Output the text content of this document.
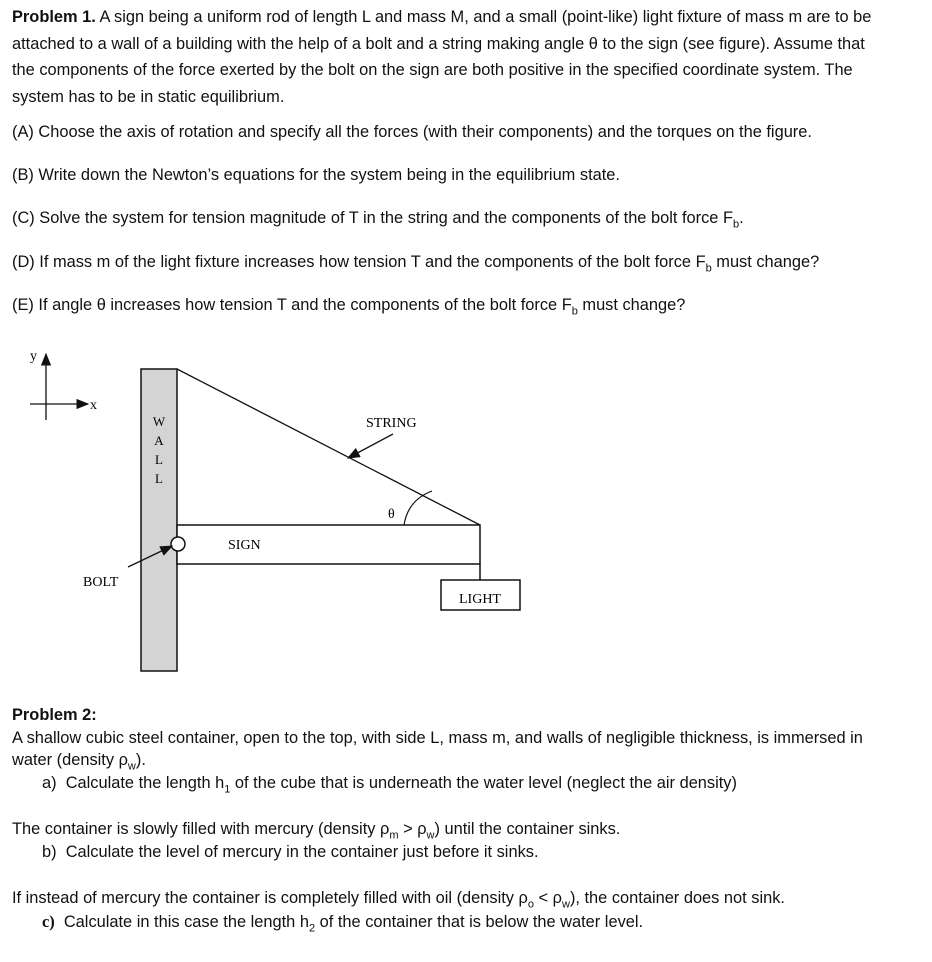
Problem 1. A sign being a uniform rod of length L and mass M, and a small (point-like) light fixture of mass m are to be
attached to a wall of a building with the help of a bolt and a string making angle θ to the sign (see figure). Assume that
the components of the force exerted by the bolt on the sign are both positive in the specified coordinate system. The
system has to be in static equilibrium.
(A) Choose the axis of rotation and specify all the forces (with their components) and the torques on the figure.
(B) Write down the Newton’s equations for the system being in the equilibrium state.
(C) Solve the system for tension magnitude of T in the string and the components of the bolt force $F_b$.
(D) If mass m of the light fixture increases how tension T and the components of the bolt force $F_b$ must change?
(E) If angle θ increases how tension T and the components of the bolt force $F_b$ must change?
y
x
W
A
L
L
STRING
θ
SIGN
BOLT
LIGHT
Problem 2:
A shallow cubic steel container, open to the top, with side L, mass m, and walls of negligible thickness, is immersed in
water (density $\rho_w$).
a) Calculate the length $h_1$ of the cube that is underneath the water level (neglect the air density)
The container is slowly filled with mercury (density $\rho_m > \rho_w$) until the container sinks.
b) Calculate the level of mercury in the container just before it sinks.
If instead of mercury the container is completely filled with oil (density $\rho_o < \rho_w$), the container does not sink.
c) Calculate in this case the length $h_2$ of the container that is below the water level.
